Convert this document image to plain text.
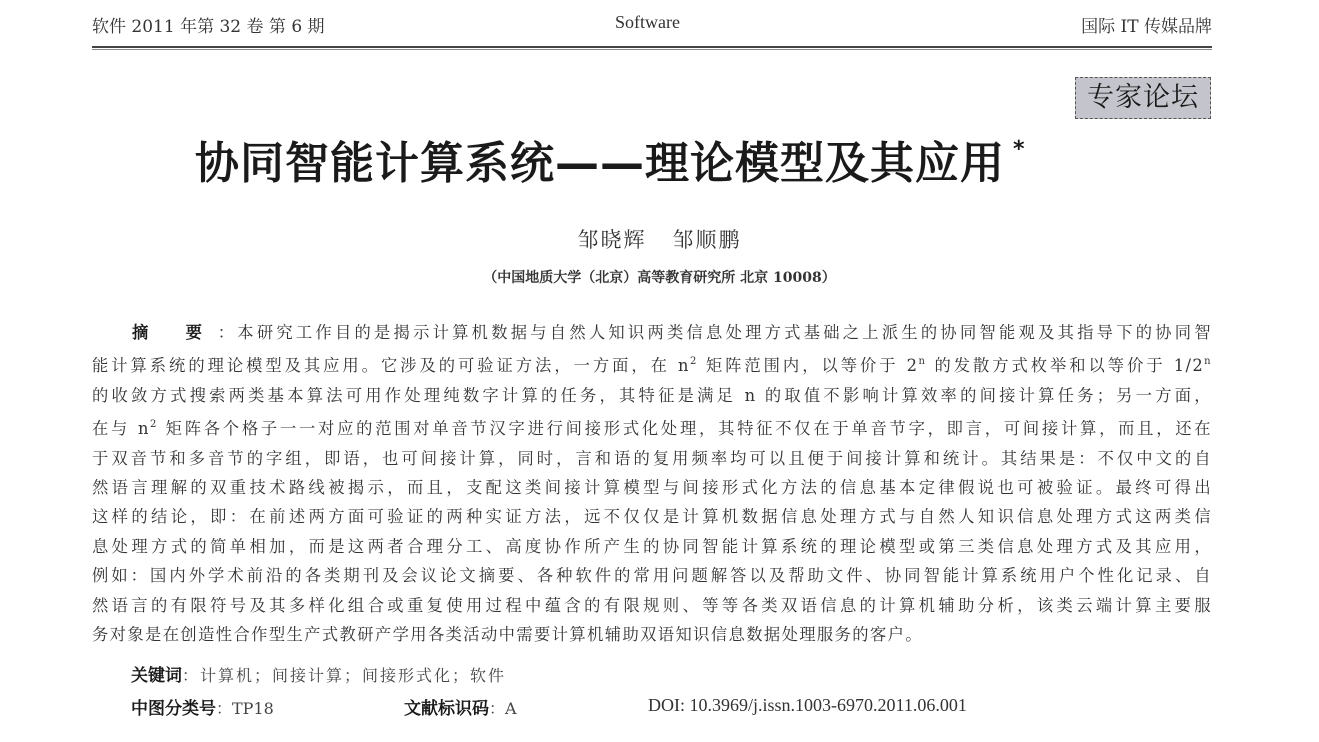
软件 2011 年第 32 卷 第 6 期	Software	国际 IT 传媒品牌
专家论坛
协同智能计算系统——理论模型及其应用 *
邹晓辉 邹顺鹏
（中国地质大学（北京）高等教育研究所 北京 10008）
摘 要：本研究工作目的是揭示计算机数据与自然人知识两类信息处理方式基础之上派生的协同智能观及其指导下的协同智
能计算系统的理论模型及其应用。它涉及的可验证方法，一方面，在 $n^2$ 矩阵范围内，以等价于 2$^n$ 的发散方式枚举和以等价于 1/2$^n$
的收敛方式搜索两类基本算法可用作处理纯数字计算的任务，其特征是满足 n 的取值不影响计算效率的间接计算任务；另一方面，
在与 $n^2$ 矩阵各个格子一一对应的范围对单音节汉字进行间接形式化处理，其特征不仅在于单音节字，即言，可间接计算，而且，还在
于双音节和多音节的字组，即语，也可间接计算，同时，言和语的复用频率均可以且便于间接计算和统计。其结果是：不仅中文的自
然语言理解的双重技术路线被揭示，而且，支配这类间接计算模型与间接形式化方法的信息基本定律假说也可被验证。最终可得出
这样的结论，即：在前述两方面可验证的两种实证方法，远不仅仅是计算机数据信息处理方式与自然人知识信息处理方式这两类信
息处理方式的简单相加，而是这两者合理分工、高度协作所产生的协同智能计算系统的理论模型或第三类信息处理方式及其应用，
例如：国内外学术前沿的各类期刊及会议论文摘要、各种软件的常用问题解答以及帮助文件、协同智能计算系统用户个性化记录、自
然语言的有限符号及其多样化组合或重复使用过程中蕴含的有限规则、等等各类双语信息的计算机辅助分析，该类云端计算主要服
务对象是在创造性合作型生产式教研产学用各类活动中需要计算机辅助双语知识信息数据处理服务的客户。
关键词：计算机；间接计算；间接形式化；软件
中图分类号：TP18	文献标识码：A	DOI: 10.3969/j.issn.1003-6970.2011.06.001
